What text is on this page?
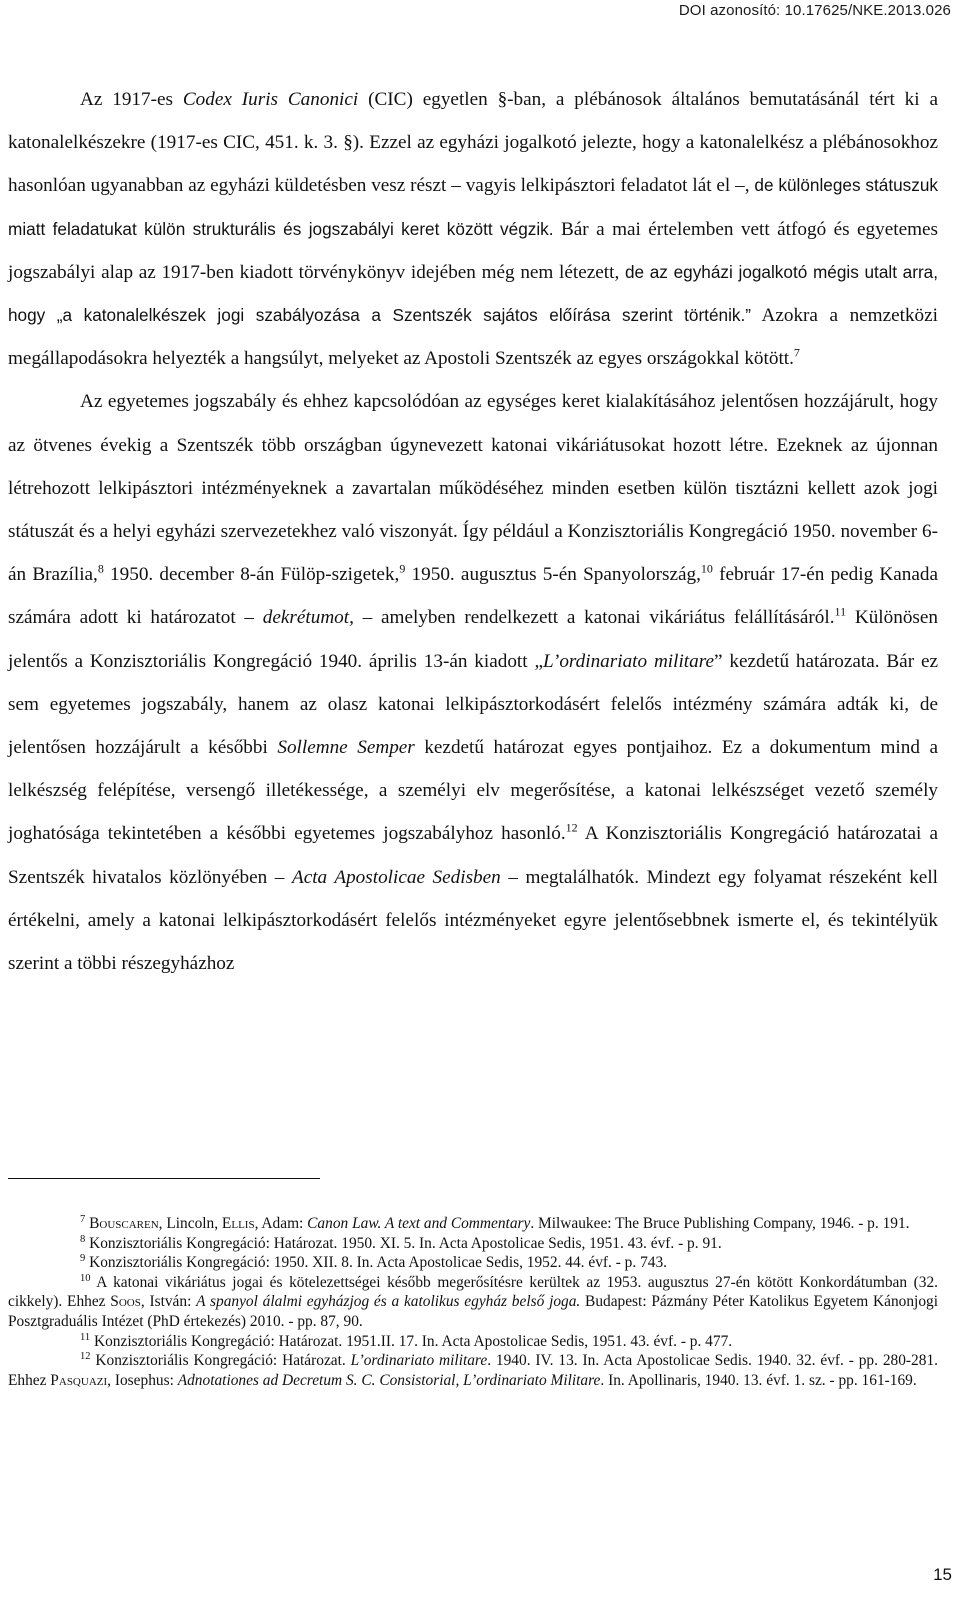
DOI azonosító: 10.17625/NKE.2013.026

Az 1917-es Codex Iuris Canonici (CIC) egyetlen §-ban, a plébánosok általános bemutatásánál tért ki a katonalelkészekre (1917-es CIC, 451. k. 3. §). Ezzel az egyházi jogalkotó jelezte, hogy a katonalelkész a plébánosokhoz hasonlóan ugyanabban az egyházi küldetésben vesz részt – vagyis lelkipásztori feladatot lát el –, de különleges státuszuk miatt feladatukat külön strukturális és jogszabályi keret között végzik. Bár a mai értelemben vett átfogó és egyetemes jogszabályi alap az 1917-ben kiadott törvénykönyv idejében még nem létezett, de az egyházi jogalkotó mégis utalt arra, hogy „a katonalelkészek jogi szabályozása a Szentszék sajátos előírása szerint történik.” Azokra a nemzetközi megállapodásokra helyezték a hangsúlyt, melyeket az Apostoli Szentszék az egyes országokkal kötött.$^7$

Az egyetemes jogszabály és ehhez kapcsolódóan az egységes keret kialakításához jelentősen hozzájárult, hogy az ötvenes évekig a Szentszék több országban úgynevezett katonai vikáriátusokat hozott létre. Ezeknek az újonnan létrehozott lelkipásztori intézményeknek a zavartalan működéséhez minden esetben külön tisztázni kellett azok jogi státuszát és a helyi egyházi szervezetekhez való viszonyát. Így például a Konzisztoriális Kongregáció 1950. november 6-án Brazília,$^8$ 1950. december 8-án Fülöp-szigetek,$^9$ 1950. augusztus 5-én Spanyolország,$^{10}$ február 17-én pedig Kanada számára adott ki határozatot – dekrétumot, – amelyben rendelkezett a katonai vikáriátus felállításáról.$^{11}$ Különösen jelentős a Konzisztoriális Kongregáció 1940. április 13-án kiadott „L’ordinariato militare” kezdetű határozata. Bár ez sem egyetemes jogszabály, hanem az olasz katonai lelkipásztorkodásért felelős intézmény számára adták ki, de jelentősen hozzájárult a későbbi Sollemne Semper kezdetű határozat egyes pontjaihoz. Ez a dokumentum mind a lelkészség felépítése, versengő illetékessége, a személyi elv megerősítése, a katonai lelkészséget vezető személy joghatósága tekintetében a későbbi egyetemes jogszabályhoz hasonló.$^{12}$ A Konzisztoriális Kongregáció határozatai a Szentszék hivatalos közlönyében – Acta Apostolicae Sedisben – megtalálhatók. Mindezt egy folyamat részeként kell értékelni, amely a katonai lelkipásztorkodásért felelős intézményeket egyre jelentősebbnek ismerte el, és tekintélyük szerint a többi részegyházhoz

$^7$ Bouscaren, Lincoln, Ellis, Adam: Canon Law. A text and Commentary. Milwaukee: The Bruce Publishing Company, 1946. - p. 191.

$^8$ Konzisztoriális Kongregáció: Határozat. 1950. XI. 5. In. Acta Apostolicae Sedis, 1951. 43. évf. - p. 91.

$^9$ Konzisztoriális Kongregáció: 1950. XII. 8. In. Acta Apostolicae Sedis, 1952. 44. évf. - p. 743.

$^{10}$ A katonai vikáriátus jogai és kötelezettségei később megerősítésre kerültek az 1953. augusztus 27-én kötött Konkordátumban (32. cikkely). Ehhez Soos, István: A spanyol álalmi egyházjog és a katolikus egyház belső joga. Budapest: Pázmány Péter Katolikus Egyetem Kánonjogi Posztgraduális Intézet (PhD értekezés) 2010. - pp. 87, 90.

$^{11}$ Konzisztoriális Kongregáció: Határozat. 1951.II. 17. In. Acta Apostolicae Sedis, 1951. 43. évf. - p. 477.

$^{12}$ Konzisztoriális Kongregáció: Határozat. L’ordinariato militare. 1940. IV. 13. In. Acta Apostolicae Sedis. 1940. 32. évf. - pp. 280-281. Ehhez Pasquazi, Iosephus: Adnotationes ad Decretum S. C. Consistorial, L’ordinariato Militare. In. Apollinaris, 1940. 13. évf. 1. sz. - pp. 161-169.

15
